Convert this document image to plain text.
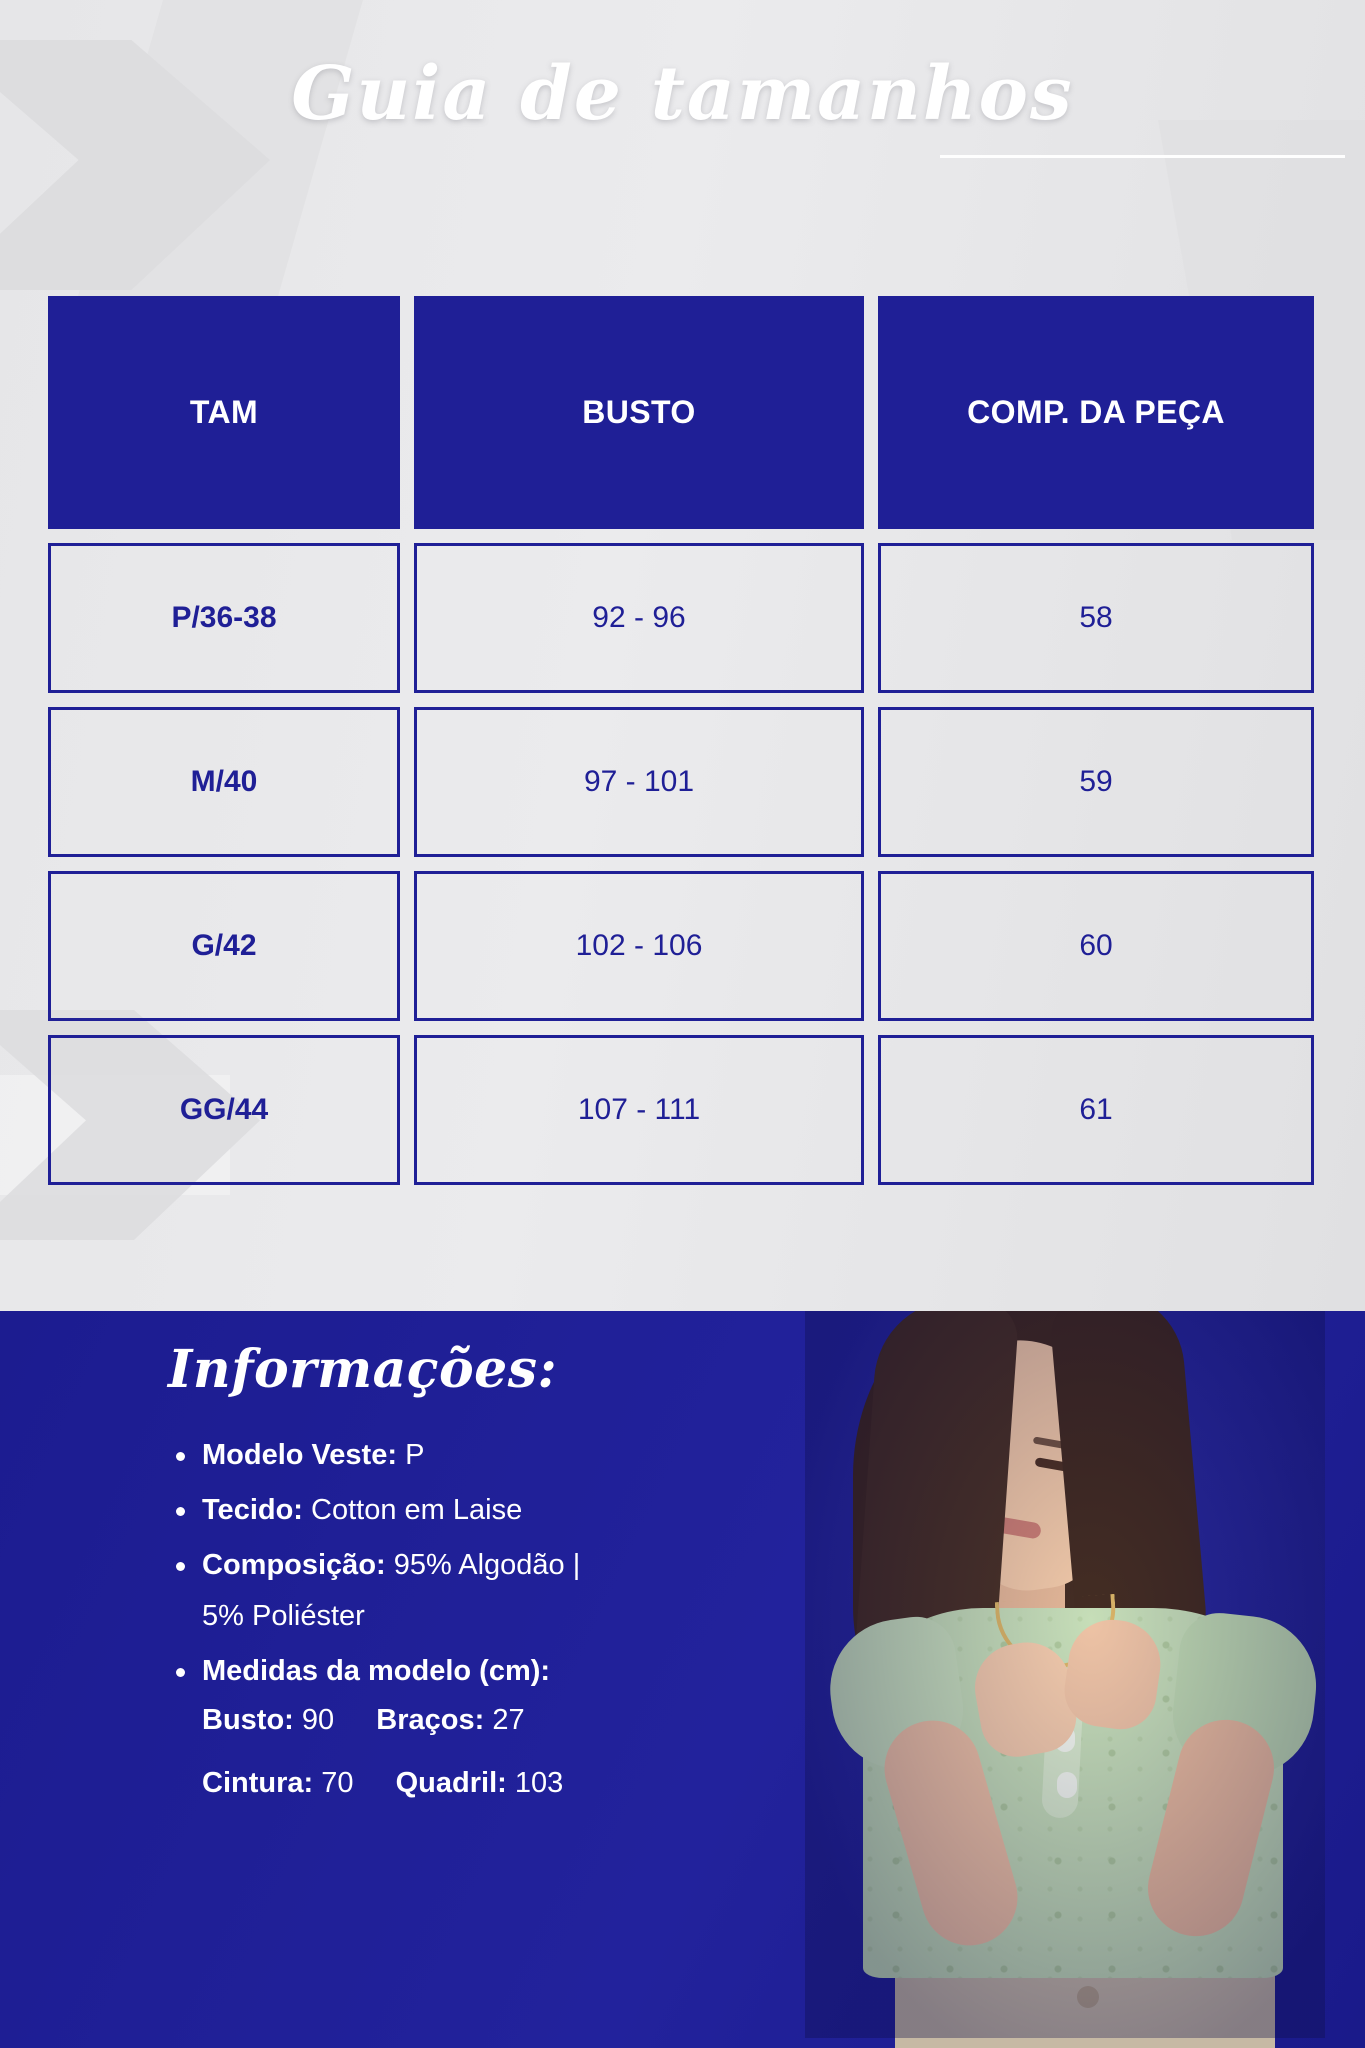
Guia de tamanhos
TAM	BUSTO	COMP. DA PEÇA
P/36-38	92 - 96	58
M/40	97 - 101	59
G/42	102 - 106	60
GG/44	107 - 111	61
Informações:
Modelo Veste: P
Tecido: Cotton em Laise
Composição: 95% Algodão |
5% Poliéster
Medidas da modelo (cm):
Busto: 90 Braços: 27
Cintura: 70 Quadril: 103
